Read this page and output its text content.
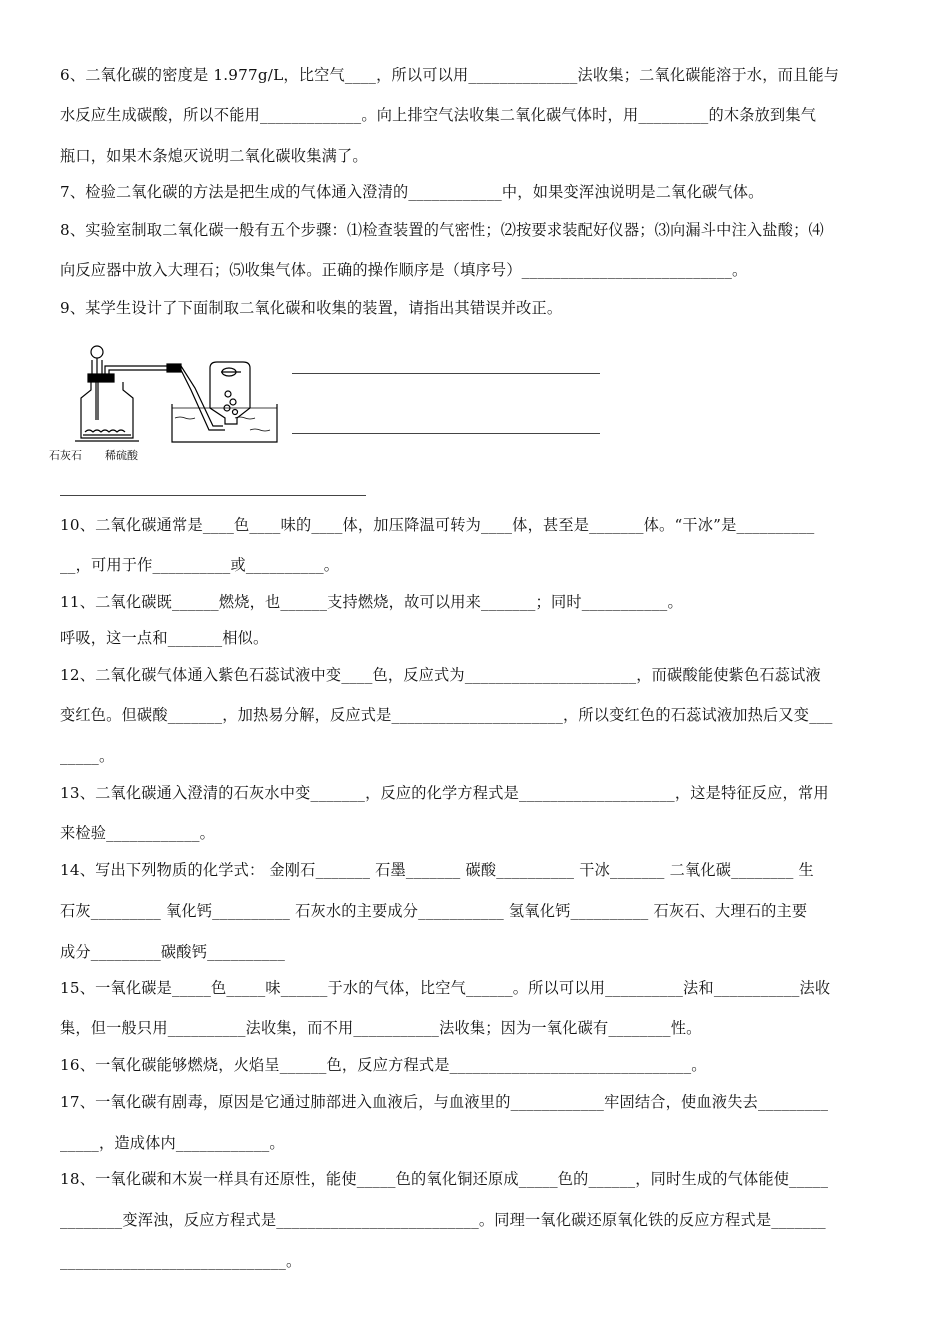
6、二氧化碳的密度是 1.977g/L，比空气____，所以可以用______________法收集；二氧化碳能溶于水，而且能与
水反应生成碳酸，所以不能用_____________。向上排空气法收集二氧化碳气体时，用_________的木条放到集气
瓶口，如果木条熄灭说明二氧化碳收集满了。
7、检验二氧化碳的方法是把生成的气体通入澄清的____________中，如果变浑浊说明是二氧化碳气体。
8、实验室制取二氧化碳一般有五个步骤：⑴检查装置的气密性；⑵按要求装配好仪器；⑶向漏斗中注入盐酸；⑷
向反应器中放入大理石；⑸收集气体。正确的操作顺序是（填序号）___________________________。
9、某学生设计了下面制取二氧化碳和收集的装置，请指出其错误并改正。
石灰石 稀硫酸
10、二氧化碳通常是____色____味的____体，加压降温可转为____体，甚至是_______体。“干冰”是__________
__，可用于作__________或__________。
11、二氧化碳既______燃烧，也______支持燃烧，故可以用来_______；同时___________。
呼吸，这一点和_______相似。
12、二氧化碳气体通入紫色石蕊试液中变____色，反应式为______________________，而碳酸能使紫色石蕊试液
变红色。但碳酸_______，加热易分解，反应式是______________________，所以变红色的石蕊试液加热后又变___
_____。
13、二氧化碳通入澄清的石灰水中变_______，反应的化学方程式是____________________，这是特征反应，常用
来检验____________。
14、写出下列物质的化学式： 金刚石_______ 石墨_______ 碳酸__________ 干冰_______ 二氧化碳________ 生
石灰_________ 氧化钙__________ 石灰水的主要成分___________ 氢氧化钙__________ 石灰石、大理石的主要
成分_________碳酸钙__________
15、一氧化碳是_____色_____味______于水的气体，比空气______。所以可以用__________法和___________法收
集，但一般只用__________法收集，而不用___________法收集；因为一氧化碳有________性。
16、一氧化碳能够燃烧，火焰呈______色，反应方程式是_______________________________。
17、一氧化碳有剧毒，原因是它通过肺部进入血液后，与血液里的____________牢固结合，使血液失去_________
_____，造成体内____________。
18、一氧化碳和木炭一样具有还原性，能使_____色的氧化铜还原成_____色的______，同时生成的气体能使_____
________变浑浊，反应方程式是__________________________。同理一氧化碳还原氧化铁的反应方程式是_______
_____________________________。
